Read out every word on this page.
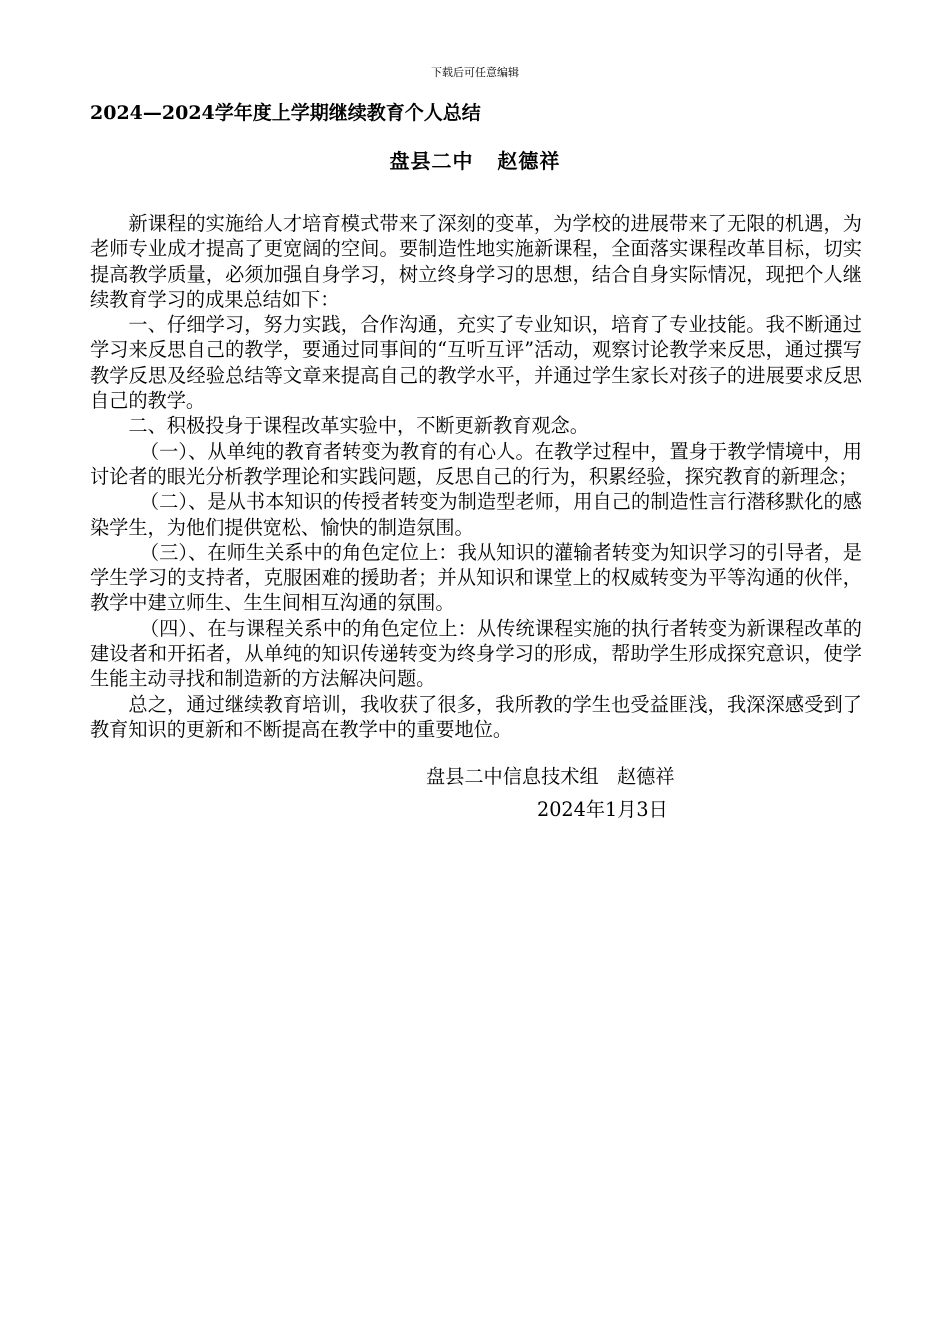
下载后可任意编辑
2024—2024学年度上学期继续教育个人总结
盘县二中   赵德祥

新课程的实施给人才培育模式带来了深刻的变革，为学校的进展带来了无限的机遇，为老师专业成才提高了更宽阔的空间。要制造性地实施新课程，全面落实课程改革目标，切实提高教学质量，必须加强自身学习，树立终身学习的思想，结合自身实际情况，现把个人继续教育学习的成果总结如下：

一、仔细学习，努力实践，合作沟通，充实了专业知识，培育了专业技能。我不断通过学习来反思自己的教学，要通过同事间的“互听互评”活动，观察讨论教学来反思，通过撰写教学反思及经验总结等文章来提高自己的教学水平，并通过学生家长对孩子的进展要求反思自己的教学。

二、积极投身于课程改革实验中，不断更新教育观念。

（一）、从单纯的教育者转变为教育的有心人。在教学过程中，置身于教学情境中，用讨论者的眼光分析教学理论和实践问题，反思自己的行为，积累经验，探究教育的新理念；

（二）、是从书本知识的传授者转变为制造型老师，用自己的制造性言行潜移默化的感染学生，为他们提供宽松、愉快的制造氛围。

（三）、在师生关系中的角色定位上：我从知识的灌输者转变为知识学习的引导者，是学生学习的支持者，克服困难的援助者；并从知识和课堂上的权威转变为平等沟通的伙伴，教学中建立师生、生生间相互沟通的氛围。

（四）、在与课程关系中的角色定位上：从传统课程实施的执行者转变为新课程改革的建设者和开拓者，从单纯的知识传递转变为终身学习的形成，帮助学生形成探究意识，使学生能主动寻找和制造新的方法解决问题。

总之，通过继续教育培训，我收获了很多，我所教的学生也受益匪浅，我深深感受到了教育知识的更新和不断提高在教学中的重要地位。

盘县二中信息技术组   赵德祥
2024年1月3日
